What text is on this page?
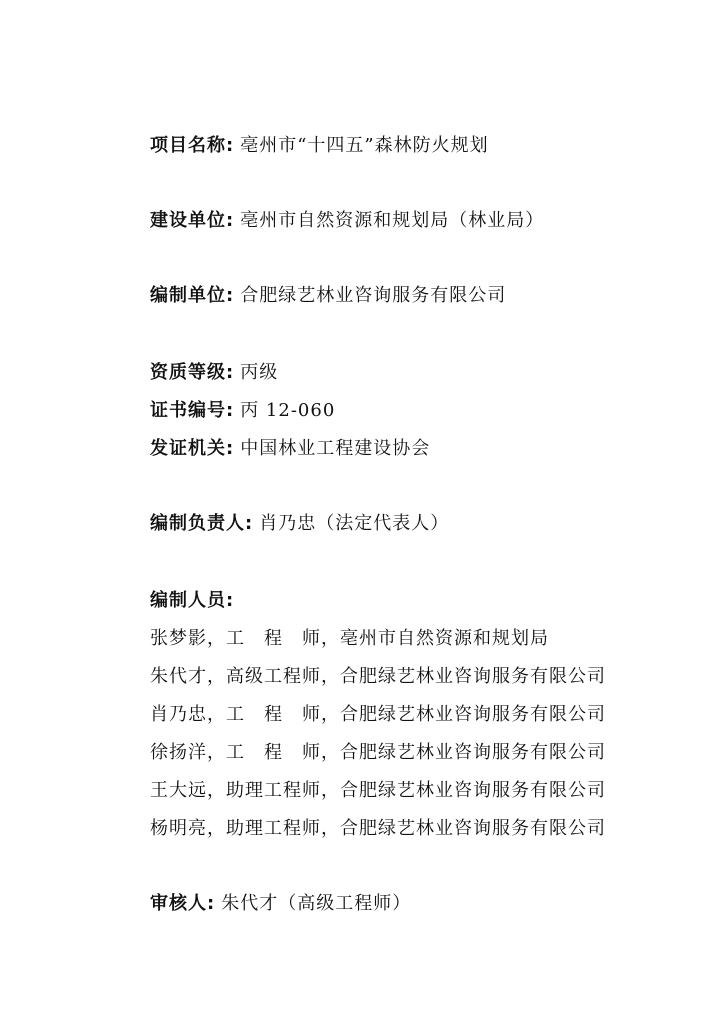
项目名称: 亳州市“十四五”森林防火规划
建设单位: 亳州市自然资源和规划局（林业局）
编制单位: 合肥绿艺林业咨询服务有限公司
资质等级: 丙级
证书编号: 丙 12-060
发证机关: 中国林业工程建设协会
编制负责人: 肖乃忠（法定代表人）
编制人员:
张梦影，工　程　师，亳州市自然资源和规划局
朱代才，高级工程师，合肥绿艺林业咨询服务有限公司
肖乃忠，工　程　师，合肥绿艺林业咨询服务有限公司
徐扬洋，工　程　师，合肥绿艺林业咨询服务有限公司
王大远，助理工程师，合肥绿艺林业咨询服务有限公司
杨明亮，助理工程师，合肥绿艺林业咨询服务有限公司
审核人: 朱代才（高级工程师）
